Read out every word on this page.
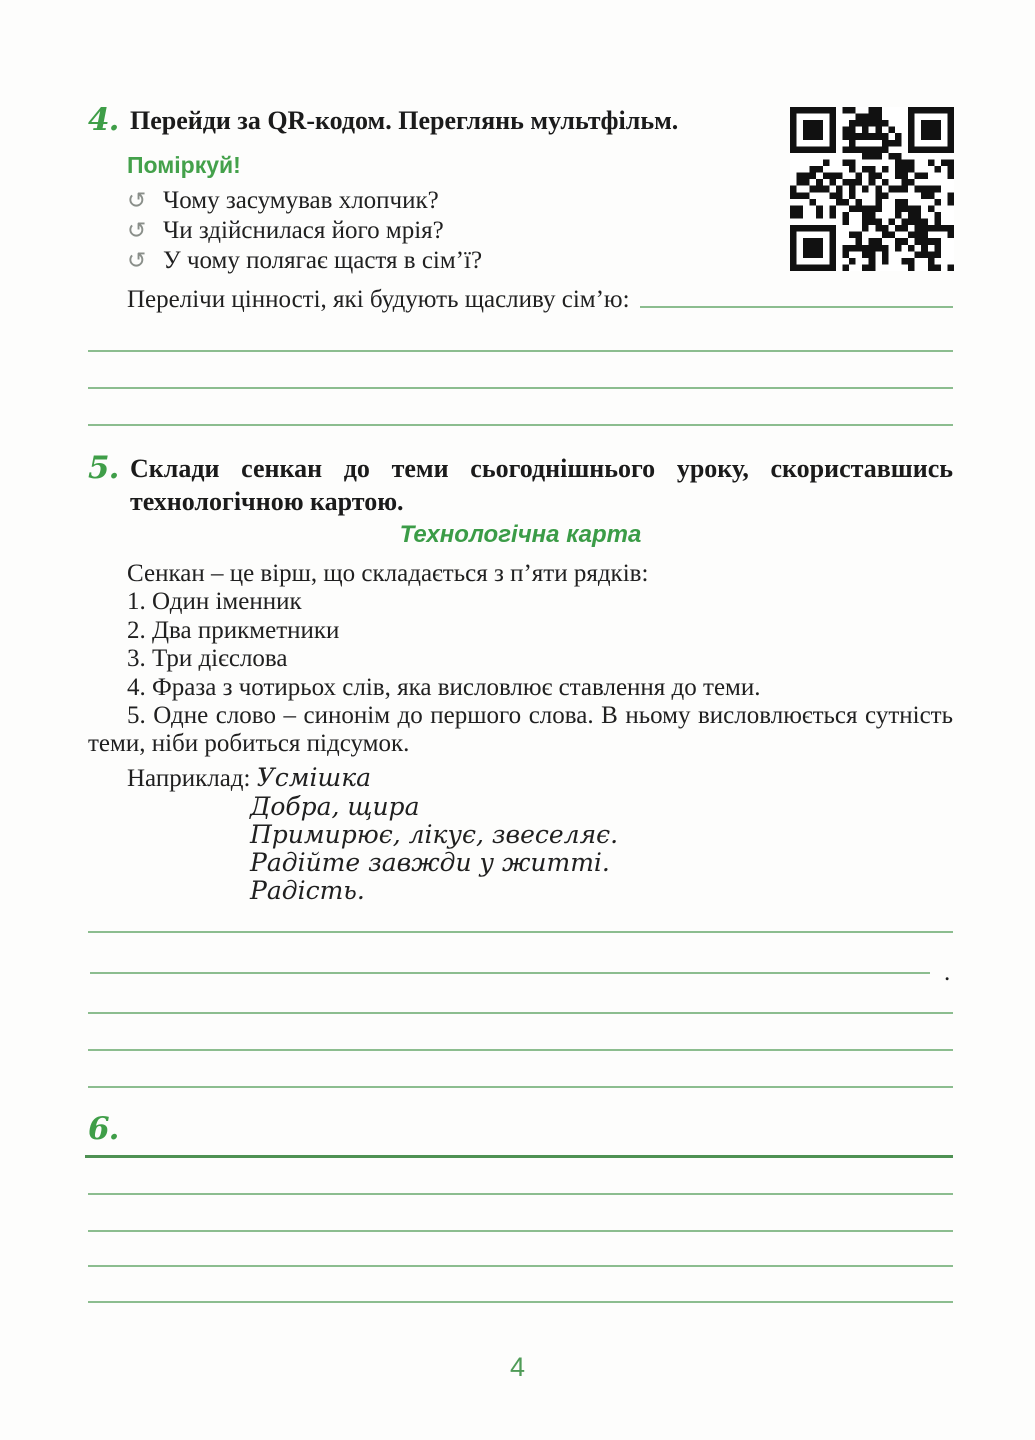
4. Перейди за QR-кодом. Переглянь мультфільм.
Поміркуй!
↺ Чому засумував хлопчик?
↺ Чи здійснилася його мрія?
↺ У чому полягає щастя в сім’ї?
Перелічи цінності, які будують щасливу сім’ю:
5. Склади сенкан до теми сьогоднішнього уроку, скориставшись технологічною картою.
Технологічна карта

Сенкан – це вірш, що складається з п’яти рядків:

1. Один іменник

2. Два прикметники

3. Три дієслова

4. Фраза з чотирьох слів, яка висловлює ставлення до теми.

5. Одне слово – синонім до першого слова. В ньому висловлюється сутність теми, ніби робиться підсумок.

Наприклад: Усмішка
Добра, щира
Примирює, лікує, звеселяє.
Радійте завжди у житті.
Радість.
.
6.
4
